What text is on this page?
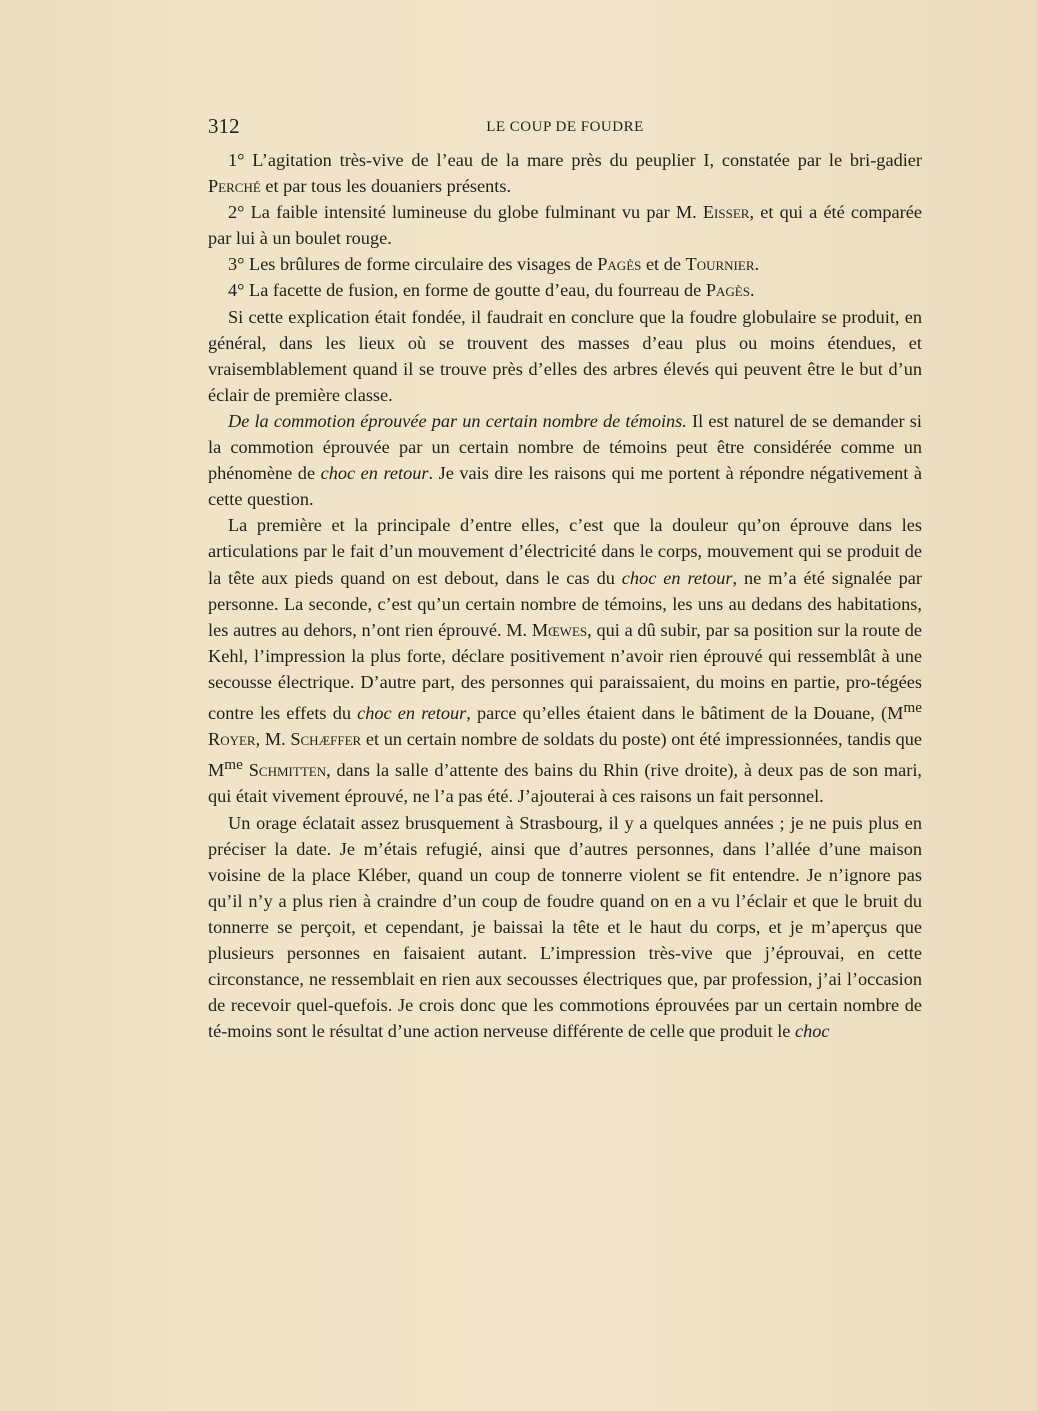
312	LE COUP DE FOUDRE

1° L’agitation très-vive de l’eau de la mare près du peuplier I, constatée par le bri-gadier Perché et par tous les douaniers présents.

2° La faible intensité lumineuse du globe fulminant vu par M. Eisser, et qui a été comparée par lui à un boulet rouge.

3° Les brûlures de forme circulaire des visages de Pagès et de Tournier.

4° La facette de fusion, en forme de goutte d’eau, du fourreau de Pagès.

Si cette explication était fondée, il faudrait en conclure que la foudre globulaire se produit, en général, dans les lieux où se trouvent des masses d’eau plus ou moins étendues, et vraisemblablement quand il se trouve près d’elles des arbres élevés qui peuvent être le but d’un éclair de première classe.

De la commotion éprouvée par un certain nombre de témoins. Il est naturel de se demander si la commotion éprouvée par un certain nombre de témoins peut être considérée comme un phénomène de choc en retour. Je vais dire les raisons qui me portent à répondre négativement à cette question.

La première et la principale d’entre elles, c’est que la douleur qu’on éprouve dans les articulations par le fait d’un mouvement d’électricité dans le corps, mouvement qui se produit de la tête aux pieds quand on est debout, dans le cas du choc en retour, ne m’a été signalée par personne. La seconde, c’est qu’un certain nombre de témoins, les uns au dedans des habitations, les autres au dehors, n’ont rien éprouvé. M. Mœwes, qui a dû subir, par sa position sur la route de Kehl, l’impression la plus forte, déclare positivement n’avoir rien éprouvé qui ressemblât à une secousse électrique. D’autre part, des personnes qui paraissaient, du moins en partie, pro-tégées contre les effets du choc en retour, parce qu’elles étaient dans le bâtiment de la Douane, ($M^{me}$ Royer, M. Schæffer et un certain nombre de soldats du poste) ont été impressionnées, tandis que $M^{me}$ Schmitten, dans la salle d’attente des bains du Rhin (rive droite), à deux pas de son mari, qui était vivement éprouvé, ne l’a pas été. J’ajouterai à ces raisons un fait personnel.

Un orage éclatait assez brusquement à Strasbourg, il y a quelques années ; je ne puis plus en préciser la date. Je m’étais refugié, ainsi que d’autres personnes, dans l’allée d’une maison voisine de la place Kléber, quand un coup de tonnerre violent se fit entendre. Je n’ignore pas qu’il n’y a plus rien à craindre d’un coup de foudre quand on en a vu l’éclair et que le bruit du tonnerre se perçoit, et cependant, je baissai la tête et le haut du corps, et je m’aperçus que plusieurs personnes en faisaient autant. L’impression très-vive que j’éprouvai, en cette circonstance, ne ressemblait en rien aux secousses électriques que, par profession, j’ai l’occasion de recevoir quel-quefois. Je crois donc que les commotions éprouvées par un certain nombre de té-moins sont le résultat d’une action nerveuse différente de celle que produit le choc
